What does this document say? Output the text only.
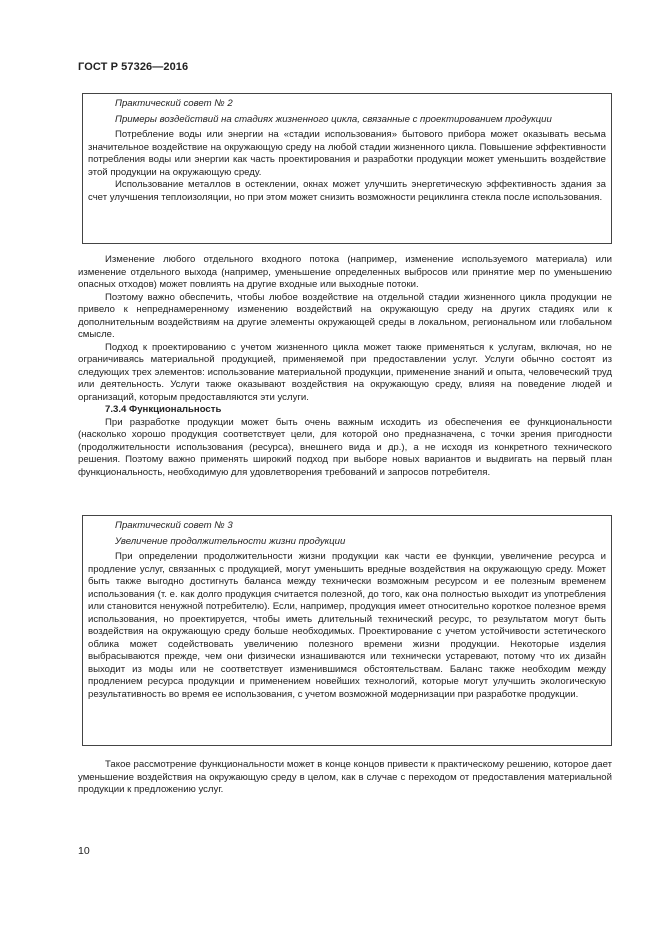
ГОСТ Р 57326—2016

Практический совет № 2

Примеры воздействий на стадиях жизненного цикла, связанные с проектированием продукции

Потребление воды или энергии на «стадии использования» бытового прибора может оказывать весьма значительное воздействие на окружающую среду на любой стадии жизненного цикла. Повышение эффективности потребления воды или энергии как часть проектирования и разработки продукции может уменьшить воздействие этой продукции на окружающую среду.

Использование металлов в остеклении, окнах может улучшить энергетическую эффективность здания за счет улучшения теплоизоляции, но при этом может снизить возможности рециклинга стекла после использования.

Изменение любого отдельного входного потока (например, изменение используемого материала) или изменение отдельного выхода (например, уменьшение определенных выбросов или принятие мер по уменьшению опасных отходов) может повлиять на другие входные или выходные потоки.

Поэтому важно обеспечить, чтобы любое воздействие на отдельной стадии жизненного цикла продукции не привело к непреднамеренному изменению воздействий на окружающую среду на других стадиях или к дополнительным воздействиям на другие элементы окружающей среды в локальном, региональном или глобальном смысле.

Подход к проектированию с учетом жизненного цикла может также применяться к услугам, включая, но не ограничиваясь материальной продукцией, применяемой при предоставлении услуг. Услуги обычно состоят из следующих трех элементов: использование материальной продукции, применение знаний и опыта, человеческий труд или деятельность. Услуги также оказывают воздействия на окружающую среду, влияя на поведение людей и организаций, которым предоставляются эти услуги.

7.3.4 Функциональность

При разработке продукции может быть очень важным исходить из обеспечения ее функциональности (насколько хорошо продукция соответствует цели, для которой оно предназначена, с точки зрения пригодности (продолжительности использования (ресурса), внешнего вида и др.), а не исходя из конкретного технического решения. Поэтому важно применять широкий подход при выборе новых вариантов и выдвигать на первый план функциональность, необходимую для удовлетворения требований и запросов потребителя.

Практический совет № 3

Увеличение продолжительности жизни продукции

При определении продолжительности жизни продукции как части ее функции, увеличение ресурса и продление услуг, связанных с продукцией, могут уменьшить вредные воздействия на окружающую среду. Может быть также выгодно достигнуть баланса между технически возможным ресурсом и ее полезным временем использования (т. е. как долго продукция считается полезной, до того, как она полностью выходит из употребления или становится ненужной потребителю). Если, например, продукция имеет относительно короткое полезное время использования, но проектируется, чтобы иметь длительный технический ресурс, то результатом могут быть воздействия на окружающую среду больше необходимых. Проектирование с учетом устойчивости эстетического облика может содействовать увеличению полезного времени жизни продукции. Некоторые изделия выбрасываются прежде, чем они физически изнашиваются или технически устаревают, потому что их дизайн выходит из моды или не соответствует изменившимся обстоятельствам. Баланс также необходим между продлением ресурса продукции и применением новейших технологий, которые могут улучшить экологическую результативность во время ее использования, с учетом возможной модернизации при разработке продукции.

Такое рассмотрение функциональности может в конце концов привести к практическому решению, которое дает уменьшение воздействия на окружающую среду в целом, как в случае с переходом от предоставления материальной продукции к предложению услуг.

10
